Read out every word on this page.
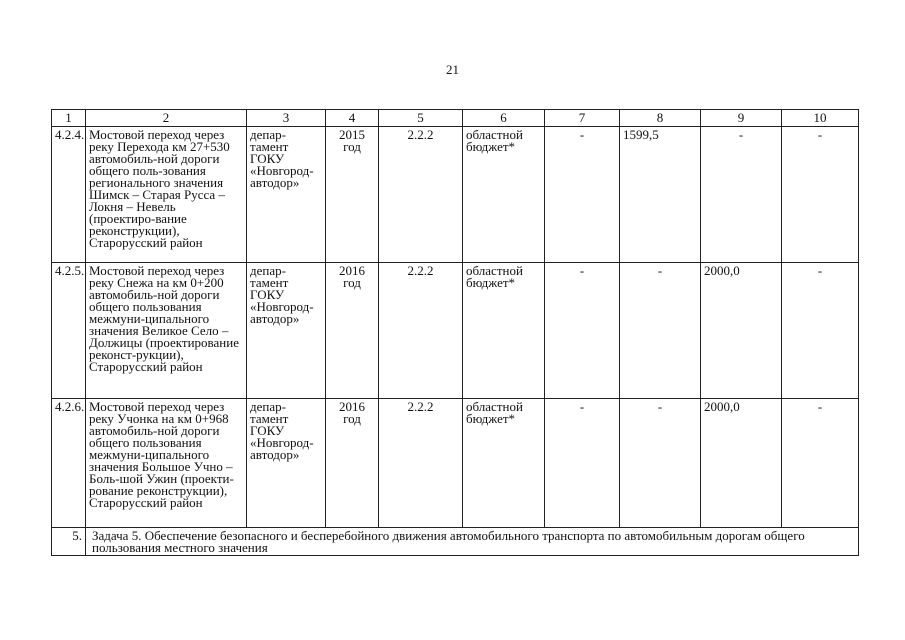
21
1	2	3	4	5	6	7	8	9	10
4.2.4.	Мостовой переход через реку Перехода км 27+530 автомобиль-ной дороги общего поль-зования регионального значения Шимск – Старая Русса – Локня – Невель (проектиро-вание реконструкции), Старорусский район	депар-тамент ГОКУ «Новгород-автодор»	2015 год	2.2.2	областной бюджет*	-	1599,5	-	-
4.2.5.	Мостовой переход через реку Снежа на км 0+200 автомобиль-ной дороги общего пользования межмуни-ципального значения Великое Село – Должицы (проектирование реконст-рукции), Старорусский район	депар-тамент ГОКУ «Новгород-автодор»	2016 год	2.2.2	областной бюджет*	-	-	2000,0	-
4.2.6.	Мостовой переход через реку Учонка на км 0+968 автомобиль-ной дороги общего пользования межмуни-ципального значения Большое Учно – Боль-шой Ужин (проекти-рование реконструкции), Старорусский район	депар-тамент ГОКУ «Новгород-автодор»	2016 год	2.2.2	областной бюджет*	-	-	2000,0	-
5.	Задача 5. Обеспечение безопасного и бесперебойного движения автомобильного транспорта по автомобильным дорогам общего пользования местного значения								
